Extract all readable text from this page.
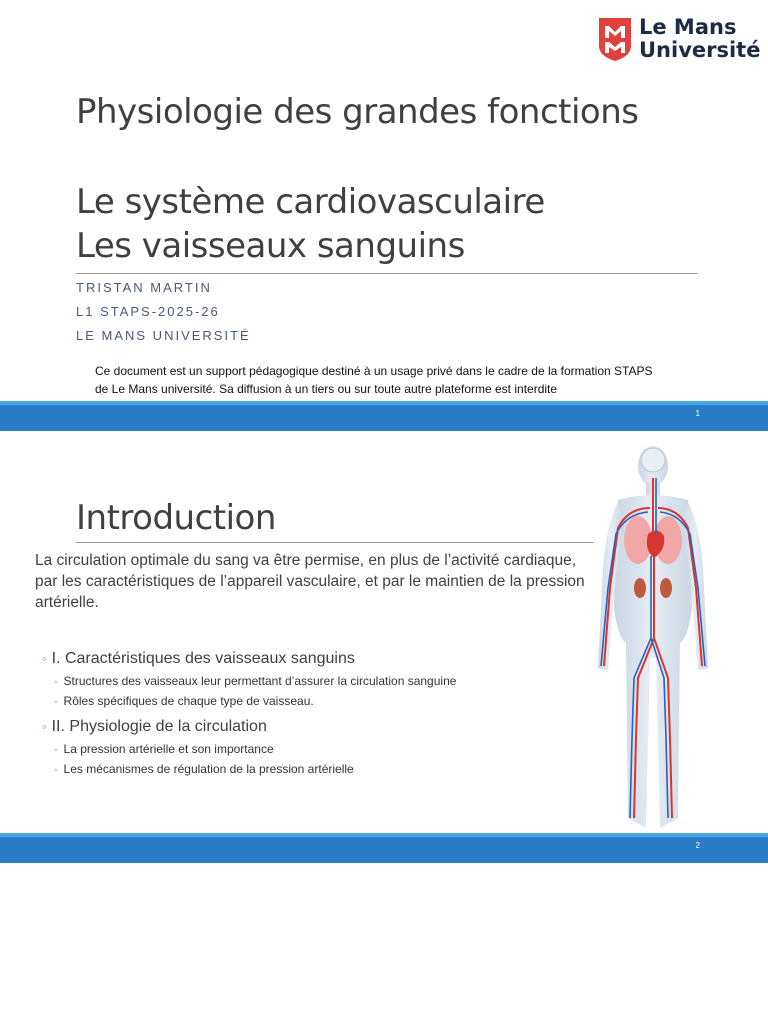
Le Mans
Université
Physiologie des grandes fonctions
Le système cardiovasculaire
Les vaisseaux sanguins
TRISTAN MARTIN
L1 STAPS-2025-26
LE MANS UNIVERSITÉ
Ce document est un support pédagogique destiné à un usage privé dans le cadre de la formation STAPS
de Le Mans université. Sa diffusion à un tiers ou sur toute autre plateforme est interdite
1
Introduction
La circulation optimale du sang va être permise, en plus de l’activité cardiaque, par les caractéristiques de l’appareil vasculaire, et par le maintien de la pression artérielle.
◦ I. Caractéristiques des vaisseaux sanguins
◦ Structures des vaisseaux leur permettant d’assurer la circulation sanguine
◦ Rôles spécifiques de chaque type de vaisseau.
◦ II. Physiologie de la circulation
◦ La pression artérielle et son importance
◦ Les mécanismes de régulation de la pression artérielle
2
